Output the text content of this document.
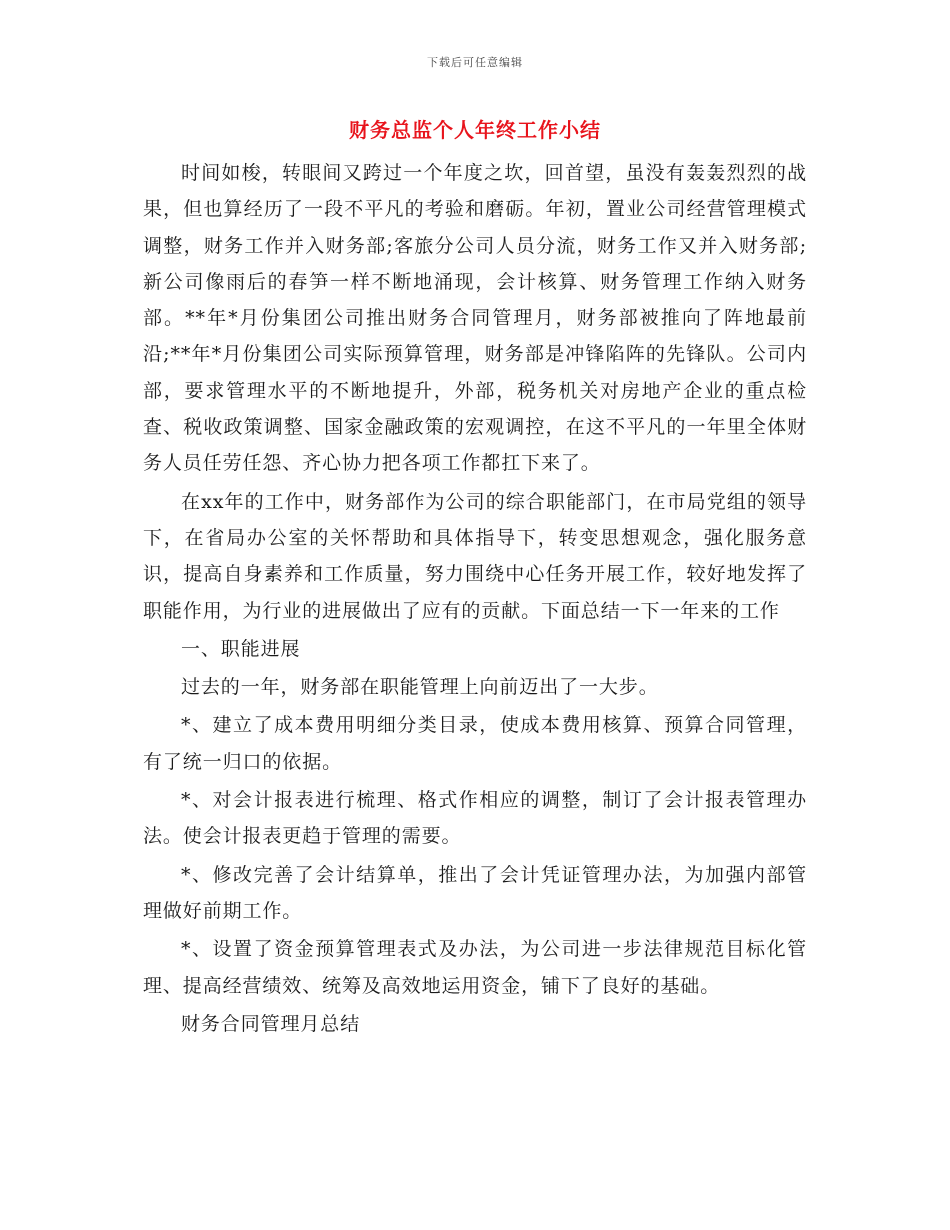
下载后可任意编辑
财务总监个人年终工作小结

时间如梭，转眼间又跨过一个年度之坎，回首望，虽没有轰轰烈烈的战果，但也算经历了一段不平凡的考验和磨砺。年初，置业公司经营管理模式调整，财务工作并入财务部;客旅分公司人员分流，财务工作又并入财务部;新公司像雨后的春笋一样不断地涌现，会计核算、财务管理工作纳入财务部。**年*月份集团公司推出财务合同管理月，财务部被推向了阵地最前沿;**年*月份集团公司实际预算管理，财务部是冲锋陷阵的先锋队。公司内部，要求管理水平的不断地提升，外部，税务机关对房地产企业的重点检查、税收政策调整、国家金融政策的宏观调控，在这不平凡的一年里全体财务人员任劳任怨、齐心协力把各项工作都扛下来了。

在xx年的工作中，财务部作为公司的综合职能部门，在市局党组的领导下，在省局办公室的关怀帮助和具体指导下，转变思想观念，强化服务意识，提高自身素养和工作质量，努力围绕中心任务开展工作，较好地发挥了职能作用，为行业的进展做出了应有的贡献。下面总结一下一年来的工作

一、职能进展

过去的一年，财务部在职能管理上向前迈出了一大步。

*、建立了成本费用明细分类目录，使成本费用核算、预算合同管理，有了统一归口的依据。

*、对会计报表进行梳理、格式作相应的调整，制订了会计报表管理办法。使会计报表更趋于管理的需要。

*、修改完善了会计结算单，推出了会计凭证管理办法，为加强内部管理做好前期工作。

*、设置了资金预算管理表式及办法，为公司进一步法律规范目标化管理、提高经营绩效、统筹及高效地运用资金，铺下了良好的基础。

财务合同管理月总结
